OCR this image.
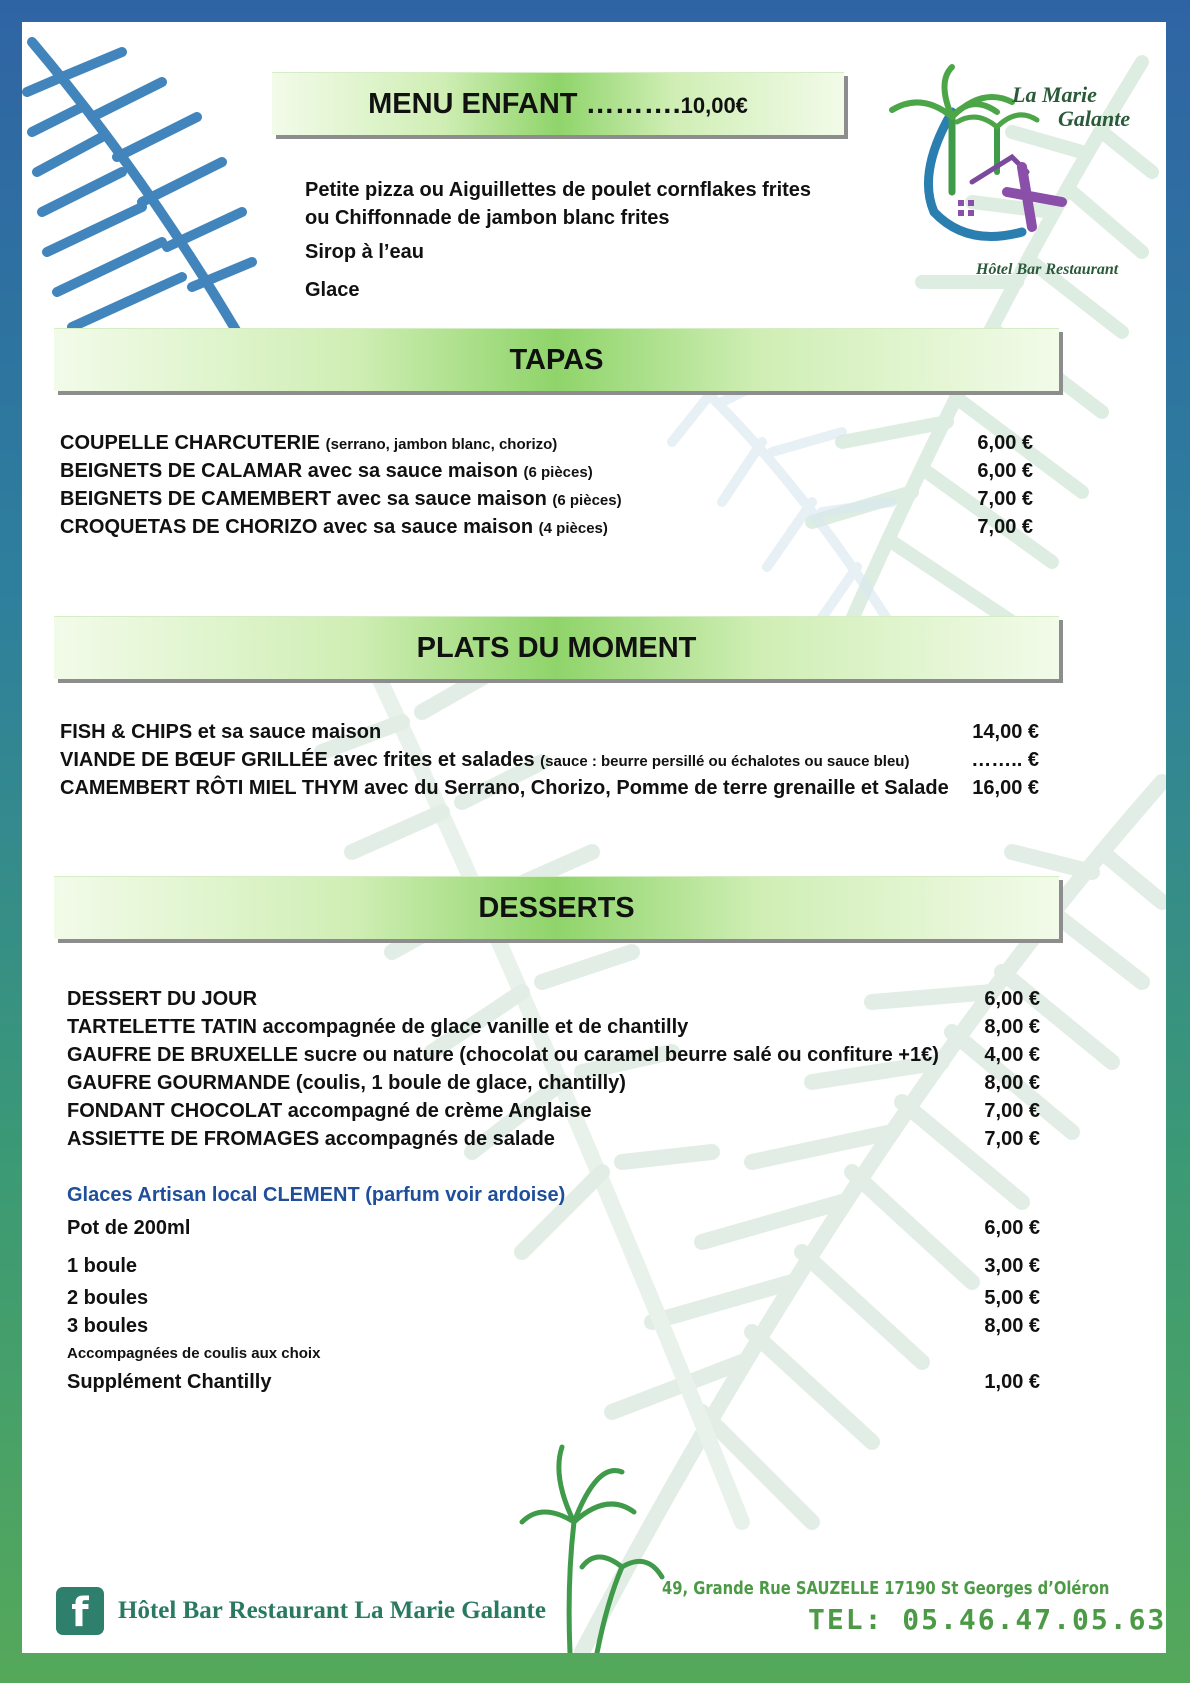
La Marie
Galante
Hôtel Bar Restaurant
MENU ENFANT ……….10,00€
Petite pizza ou Aiguillettes de poulet cornflakes frites
ou Chiffonnade de jambon blanc frites
Sirop à l’eau
Glace
TAPAS
COUPELLE CHARCUTERIE (serrano, jambon blanc, chorizo)	6,00 €
BEIGNETS DE CALAMAR avec sa sauce maison (6 pièces)	6,00 €
BEIGNETS DE CAMEMBERT avec sa sauce maison (6 pièces)	7,00 €
CROQUETAS DE CHORIZO avec sa sauce maison (4 pièces)	7,00 €
PLATS DU MOMENT
FISH & CHIPS et sa sauce maison	14,00 €
VIANDE DE BŒUF GRILLÉE avec frites et salades (sauce : beurre persillé ou échalotes ou sauce bleu)	…….. €
CAMEMBERT RÔTI MIEL THYM avec du Serrano, Chorizo, Pomme de terre grenaille et Salade 16,00 €
DESSERTS
DESSERT DU JOUR	6,00 €
TARTELETTE TATIN accompagnée de glace vanille et de chantilly	8,00 €
GAUFRE DE BRUXELLE sucre ou nature (chocolat ou caramel beurre salé ou confiture +1€) 4,00 €
GAUFRE GOURMANDE (coulis, 1 boule de glace, chantilly)	8,00 €
FONDANT CHOCOLAT accompagné de crème Anglaise	7,00 €
ASSIETTE DE FROMAGES accompagnés de salade	7,00 €
Glaces Artisan local CLEMENT (parfum voir ardoise)
Pot de 200ml	6,00 €
1 boule	3,00 €
2 boules	5,00 €
3 boules	8,00 €
Accompagnées de coulis aux choix
Supplément Chantilly	1,00 €
f	Hôtel Bar Restaurant La Marie Galante
49, Grande Rue SAUZELLE 17190 St Georges d’Oléron
TEL: 05.46.47.05.63
